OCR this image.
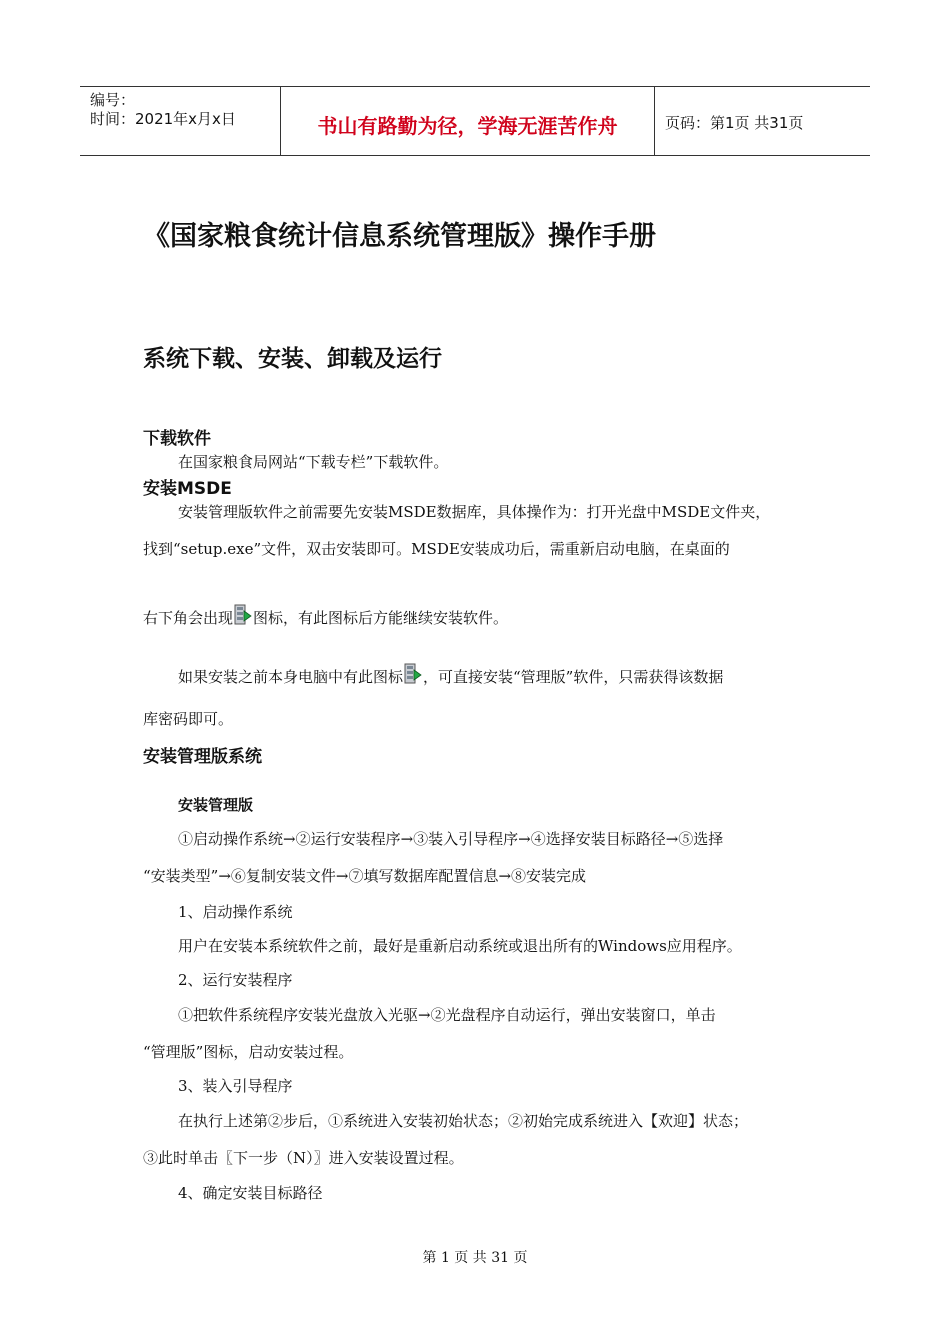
编号：
时间：2021年x月x日	书山有路勤为径，学海无涯苦作舟	页码：第1页 共31页
《国家粮食统计信息系统管理版》操作手册
系统下载、安装、卸载及运行
下载软件
在国家粮食局网站“下载专栏”下载软件。
安装MSDE
安装管理版软件之前需要先安装MSDE数据库，具体操作为：打开光盘中MSDE文件夹，
找到“setup.exe”文件，双击安装即可。MSDE安装成功后，需重新启动电脑，在桌面的
右下角会出现 图标，有此图标后方能继续安装软件。
如果安装之前本身电脑中有此图标 ，可直接安装“管理版”软件，只需获得该数据
库密码即可。
安装管理版系统
安装管理版
①启动操作系统→②运行安装程序→③装入引导程序→④选择安装目标路径→⑤选择
“安装类型”→⑥复制安装文件→⑦填写数据库配置信息→⑧安装完成
1、启动操作系统
用户在安装本系统软件之前，最好是重新启动系统或退出所有的Windows应用程序。
2、运行安装程序
①把软件系统程序安装光盘放入光驱→②光盘程序自动运行，弹出安装窗口，单击
“管理版”图标，启动安装过程。
3、装入引导程序
在执行上述第②步后，①系统进入安装初始状态；②初始完成系统进入【欢迎】状态；
③此时单击〖下一步（N）〗进入安装设置过程。
4、确定安装目标路径
第 1 页 共 31 页
